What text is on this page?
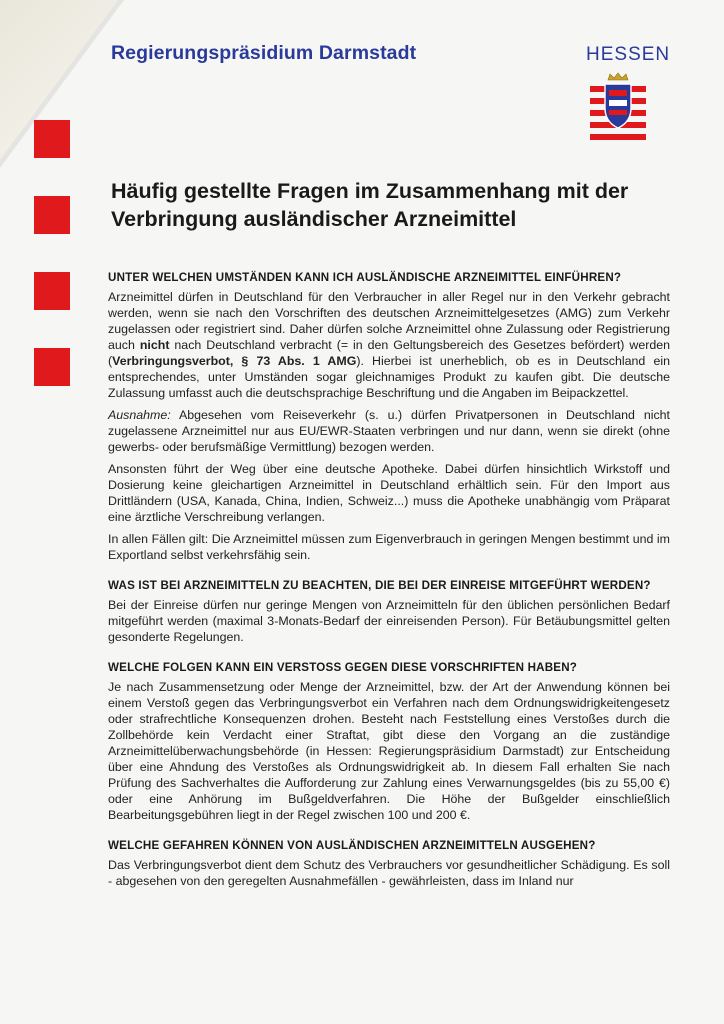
Regierungspräsidium Darmstadt	HESSEN
Häufig gestellte Fragen im Zusammenhang mit der
Verbringung ausländischer Arzneimittel
UNTER WELCHEN UMSTÄNDEN KANN ICH AUSLÄNDISCHE ARZNEIMITTEL EINFÜHREN?

Arzneimittel dürfen in Deutschland für den Verbraucher in aller Regel nur in den Verkehr gebracht werden, wenn sie nach den Vorschriften des deutschen Arzneimittelgesetzes (AMG) zum Verkehr zugelassen oder registriert sind. Daher dürfen solche Arzneimittel ohne Zulassung oder Registrierung auch nicht nach Deutschland verbracht (= in den Geltungsbereich des Gesetzes befördert) werden (Verbringungsverbot, § 73 Abs. 1 AMG). Hierbei ist unerheblich, ob es in Deutschland ein entsprechendes, unter Umständen sogar gleichnamiges Produkt zu kaufen gibt. Die deutsche Zulassung umfasst auch die deutschsprachige Beschriftung und die Angaben im Beipackzettel.

Ausnahme: Abgesehen vom Reiseverkehr (s. u.) dürfen Privatpersonen in Deutschland nicht zugelassene Arzneimittel nur aus EU/EWR-Staaten verbringen und nur dann, wenn sie direkt (ohne gewerbs- oder berufsmäßige Vermittlung) bezogen werden.

Ansonsten führt der Weg über eine deutsche Apotheke. Dabei dürfen hinsichtlich Wirkstoff und Dosierung keine gleichartigen Arzneimittel in Deutschland erhältlich sein. Für den Import aus Drittländern (USA, Kanada, China, Indien, Schweiz...) muss die Apotheke unabhängig vom Präparat eine ärztliche Verschreibung verlangen.

In allen Fällen gilt: Die Arzneimittel müssen zum Eigenverbrauch in geringen Mengen bestimmt und im Exportland selbst verkehrsfähig sein.

WAS IST BEI ARZNEIMITTELN ZU BEACHTEN, DIE BEI DER EINREISE MITGEFÜHRT WERDEN?

Bei der Einreise dürfen nur geringe Mengen von Arzneimitteln für den üblichen persönlichen Bedarf mitgeführt werden (maximal 3-Monats-Bedarf der einreisenden Person). Für Betäubungsmittel gelten gesonderte Regelungen.

WELCHE FOLGEN KANN EIN VERSTOSS GEGEN DIESE VORSCHRIFTEN HABEN?

Je nach Zusammensetzung oder Menge der Arzneimittel, bzw. der Art der Anwendung können bei einem Verstoß gegen das Verbringungsverbot ein Verfahren nach dem Ordnungswidrigkeitengesetz oder strafrechtliche Konsequenzen drohen. Besteht nach Feststellung eines Verstoßes durch die Zollbehörde kein Verdacht einer Straftat, gibt diese den Vorgang an die zuständige Arzneimittelüberwachungsbehörde (in Hessen: Regierungspräsidium Darmstadt) zur Entscheidung über eine Ahndung des Verstoßes als Ordnungswidrigkeit ab. In diesem Fall erhalten Sie nach Prüfung des Sachverhaltes die Aufforderung zur Zahlung eines Verwarnungsgeldes (bis zu 55,00 €) oder eine Anhörung im Bußgeldverfahren. Die Höhe der Bußgelder einschließlich Bearbeitungsgebühren liegt in der Regel zwischen 100 und 200 €.

WELCHE GEFAHREN KÖNNEN VON AUSLÄNDISCHEN ARZNEIMITTELN AUSGEHEN?

Das Verbringungsverbot dient dem Schutz des Verbrauchers vor gesundheitlicher Schädigung. Es soll - abgesehen von den geregelten Ausnahmefällen - gewährleisten, dass im Inland nur
